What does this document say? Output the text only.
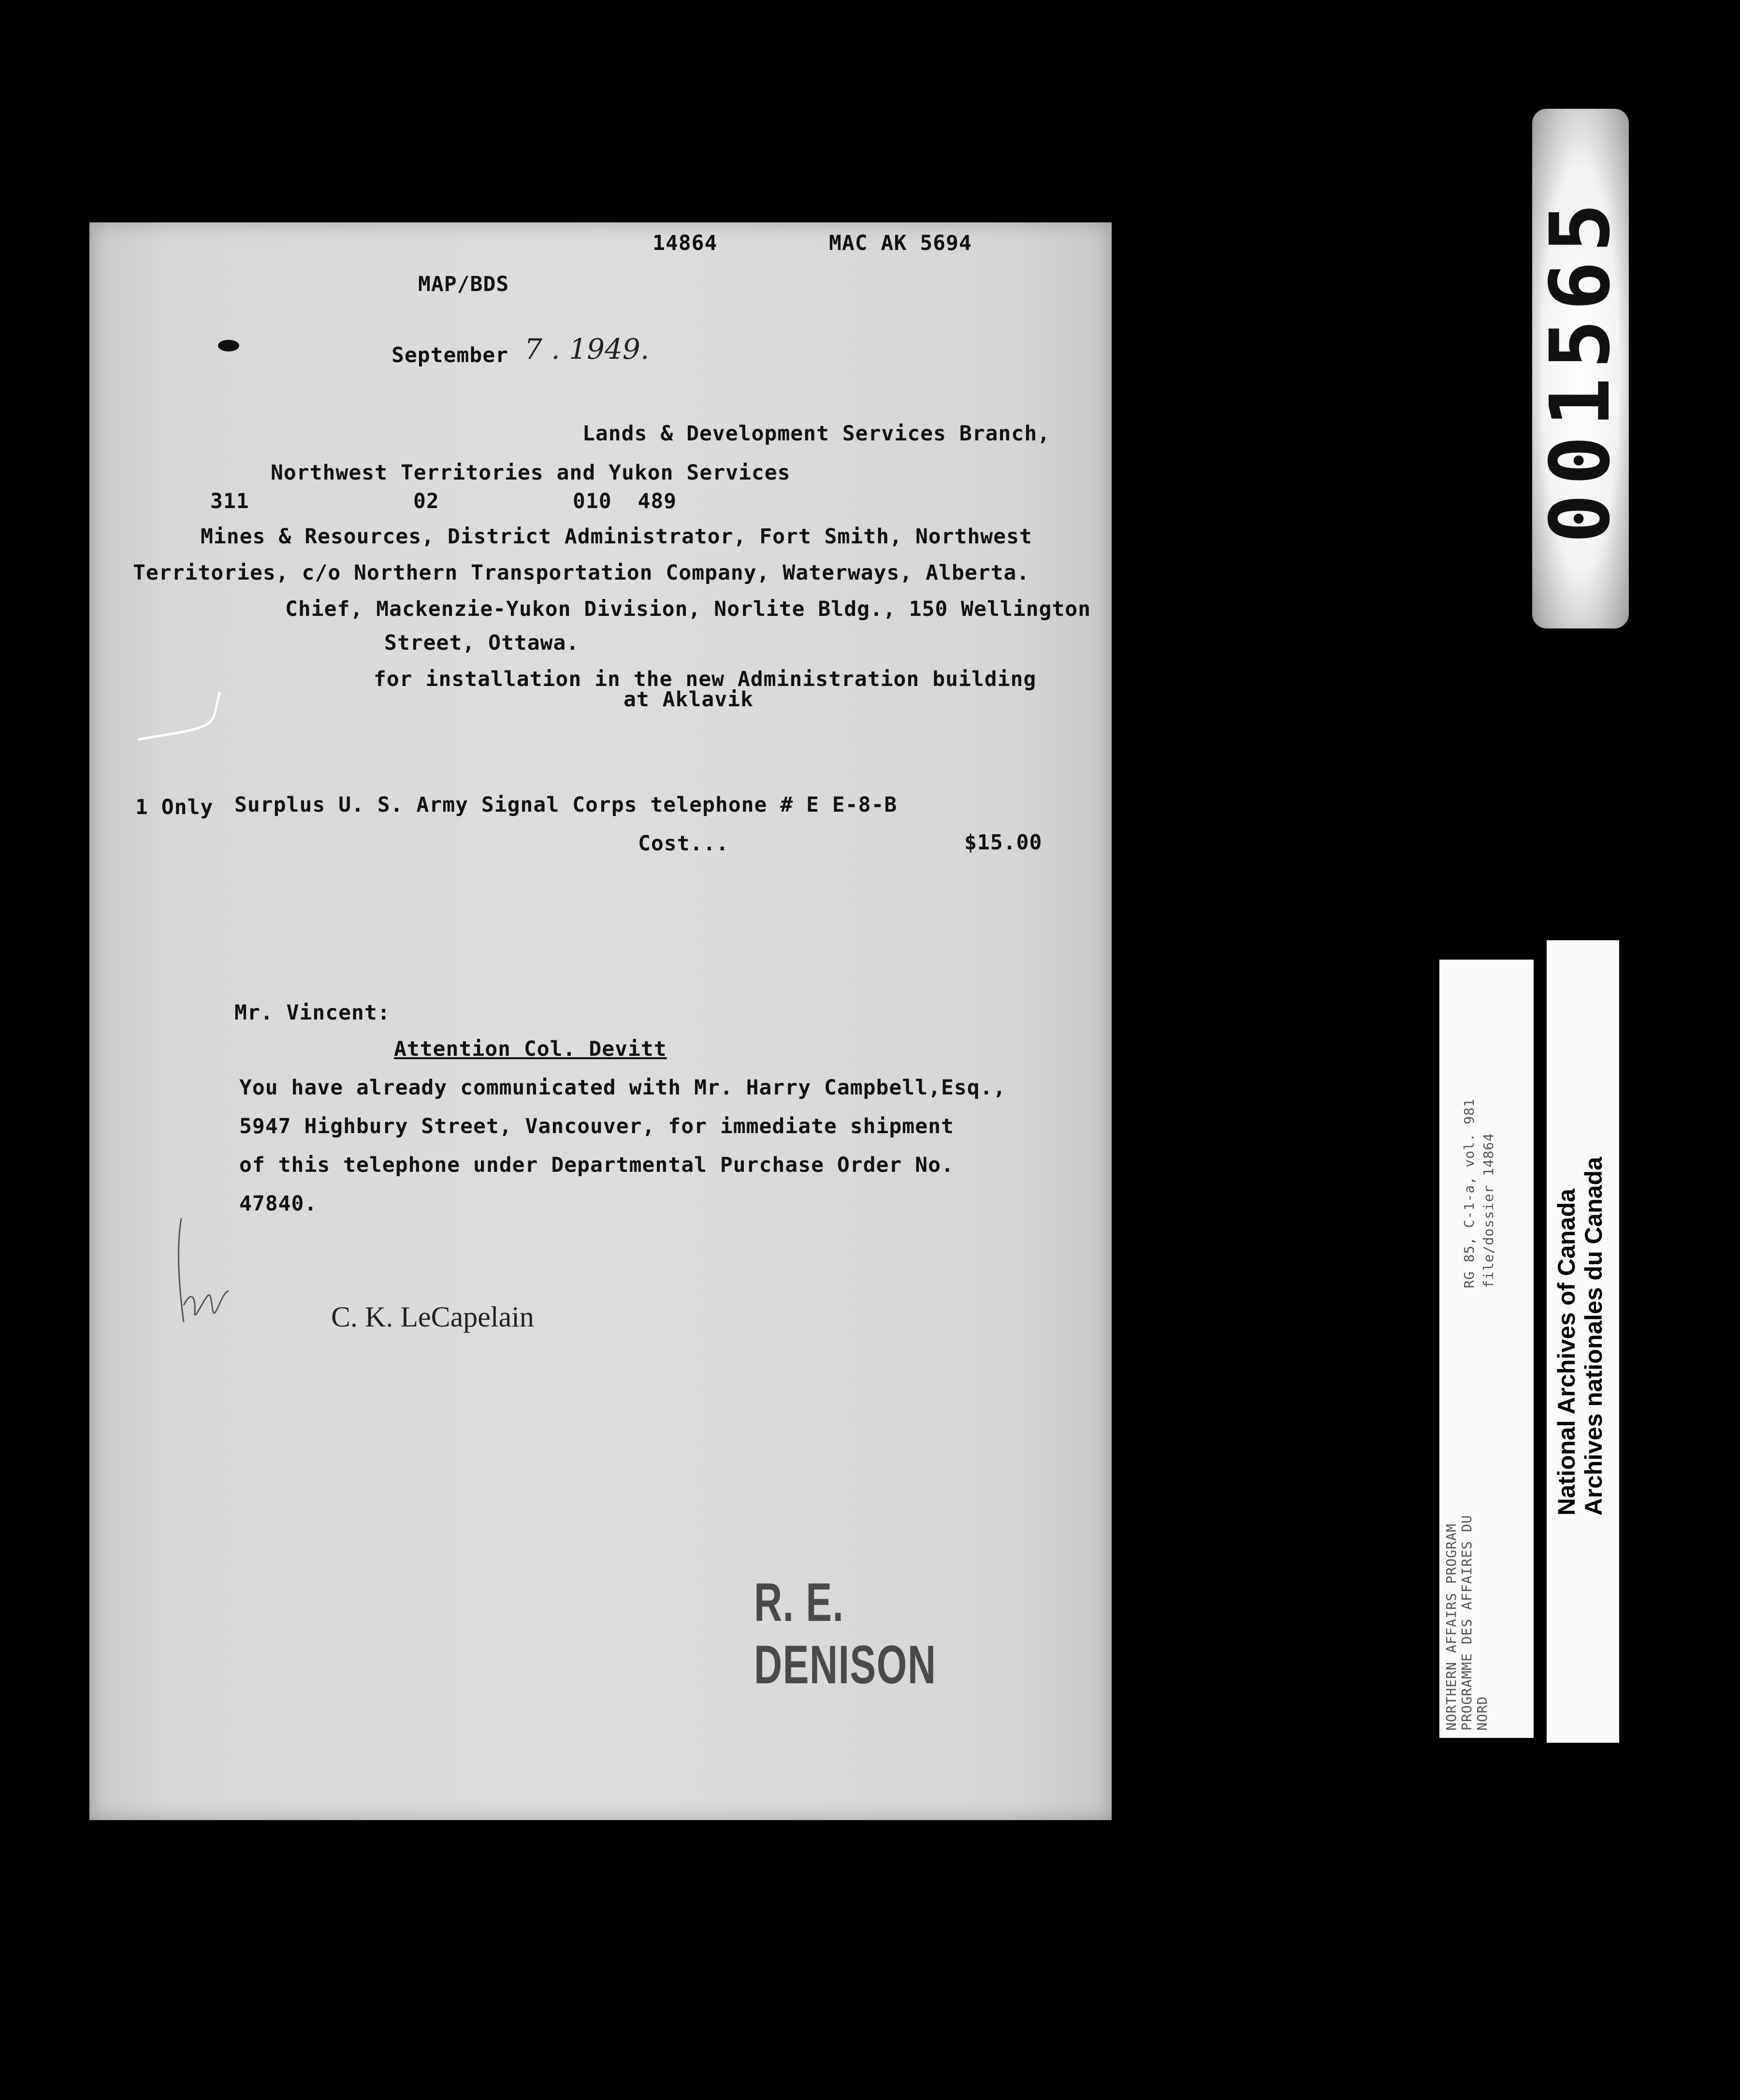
14864	MAC AK 5694
MAP/BDS
September 7 . 1949.
Lands & Development Services Branch,
Northwest Territories and Yukon Services
311	02	010  489
Mines & Resources, District Administrator, Fort Smith, Northwest
Territories, c/o Northern Transportation Company, Waterways, Alberta.
Chief, Mackenzie-Yukon Division, Norlite Bldg., 150 Wellington
Street, Ottawa.
for installation in the new Administration building
at Aklavik
1 Only Surplus U. S. Army Signal Corps telephone # E E-8-B
Cost...	$15.00
Mr. Vincent:
Attention Col. Devitt
You have already communicated with Mr. Harry Campbell,Esq.,
5947 Highbury Street, Vancouver, for immediate shipment
of this telephone under Departmental Purchase Order No.
47840.
C. K. LeCapelain
R. E. DENISON
001565
RG 85, C-1-a, vol. 981 file/dossier 14864
NORTHERN AFFAIRS PROGRAM PROGRAMME DES AFFAIRES DU NORD
National Archives of Canada Archives nationales du Canada
